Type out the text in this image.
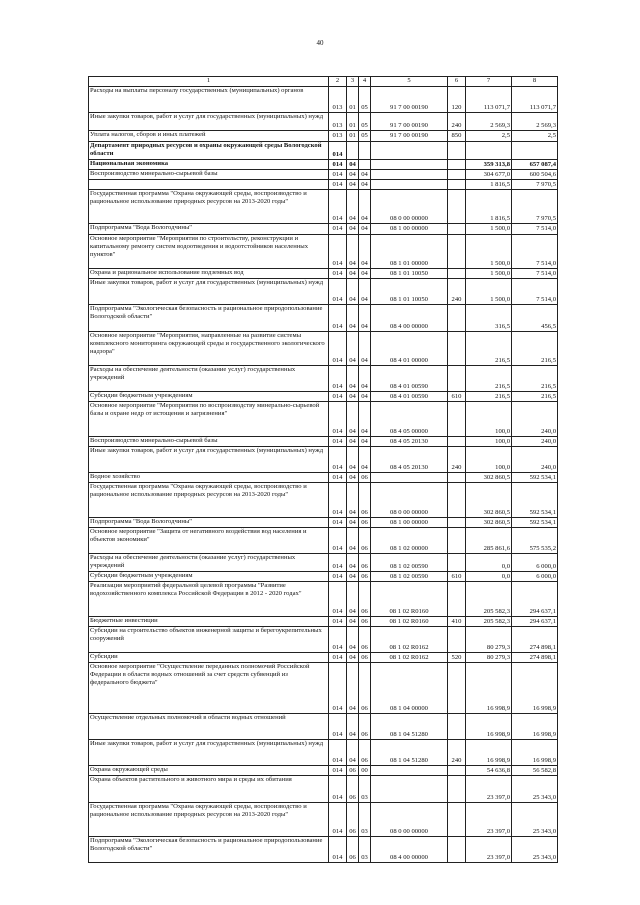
40
1	2	3	4	5	6	7	8
Расходы на выплаты персоналу государственных (муниципальных) органов	013	01	05	91 7 00 00190	120	113 071,7	113 071,7
Иные закупки товаров, работ и услуг для государственных (муниципальных) нужд	013	01	05	91 7 00 00190	240	2 569,3	2 569,3
Уплата налогов, сборов и иных платежей	013	01	05	91 7 00 00190	850	2,5	2,5
Департамент природных ресурсов и охраны окружающей среды Вологодской области	014						
Национальная экономика	014	04				359 313,8	657 087,4
Воспроизводство минерально-сырьевой базы	014	04	04			304 677,0	600 504,6
	014	04	04			1 816,5	7 970,5
Государственная программа "Охрана окружающей среды, воспроизводство и рациональное использование природных ресурсов на 2013-2020 годы"	014	04	04	08 0 00 00000		1 816,5	7 970,5
Подпрограмма "Вода Вологодчины"	014	04	04	08 1 00 00000		1 500,0	7 514,0
Основное мероприятие "Мероприятия по строительству, реконструкции и капитальному ремонту систем водоотведения и водоотстойников населенных пунктов"	014	04	04	08 1 01 00000		1 500,0	7 514,0
Охрана и рациональное использование подземных вод	014	04	04	08 1 01 10050		1 500,0	7 514,0
Иные закупки товаров, работ и услуг для государственных (муниципальных) нужд	014	04	04	08 1 01 10050	240	1 500,0	7 514,0
Подпрограмма "Экологическая безопасность и рациональное природопользование Вологодской области"	014	04	04	08 4 00 00000		316,5	456,5
Основное мероприятие "Мероприятия, направленные на развитие системы комплексного мониторинга окружающей среды и государственного экологического надзора"	014	04	04	08 4 01 00000		216,5	216,5
Расходы на обеспечение деятельности (оказание услуг) государственных учреждений	014	04	04	08 4 01 00590		216,5	216,5
Субсидии бюджетным учреждениям	014	04	04	08 4 01 00590	610	216,5	216,5
Основное мероприятие "Мероприятия по воспроизводству минерально-сырьевой базы и охране недр от истощения и загрязнения"	014	04	04	08 4 05 00000		100,0	240,0
Воспроизводство минерально-сырьевой базы	014	04	04	08 4 05 20130		100,0	240,0
Иные закупки товаров, работ и услуг для государственных (муниципальных) нужд	014	04	04	08 4 05 20130	240	100,0	240,0
Водное хозяйство	014	04	06			302 860,5	592 534,1
Государственная программа "Охрана окружающей среды, воспроизводство и рациональное использование природных ресурсов на 2013-2020 годы"	014	04	06	08 0 00 00000		302 860,5	592 534,1
Подпрограмма "Вода Вологодчины"	014	04	06	08 1 00 00000		302 860,5	592 534,1
Основное мероприятие "Защита от негативного воздействия вод населения и объектов экономики"	014	04	06	08 1 02 00000		285 861,6	575 535,2
Расходы на обеспечение деятельности (оказание услуг) государственных учреждений	014	04	06	08 1 02 00590		0,0	6 000,0
Субсидии бюджетным учреждениям	014	04	06	08 1 02 00590	610	0,0	6 000,0
Реализация мероприятий федеральной целевой программы "Развитие водохозяйственного комплекса Российской Федерации в 2012 - 2020 годах"	014	04	06	08 1 02 R0160		205 582,3	294 637,1
Бюджетные инвестиции	014	04	06	08 1 02 R0160	410	205 582,3	294 637,1
Субсидии на строительство объектов инженерной защиты и берегоукрепительных сооружений	014	04	06	08 1 02 R0162		80 279,3	274 898,1
Субсидии	014	04	06	08 1 02 R0162	520	80 279,3	274 898,1
Основное мероприятие "Осуществление переданных полномочий Российской Федерации в области водных отношений за счет средств субвенций из федерального бюджета"	014	04	06	08 1 04 00000		16 998,9	16 998,9
Осуществление отдельных полномочий в области водных отношений	014	04	06	08 1 04 51280		16 998,9	16 998,9
Иные закупки товаров, работ и услуг для государственных (муниципальных) нужд	014	04	06	08 1 04 51280	240	16 998,9	16 998,9
Охрана окружающей среды	014	06	00			54 636,8	56 582,8
Охрана объектов растительного и животного мира и среды их обитания	014	06	03			23 397,0	25 343,0
Государственная программа "Охрана окружающей среды, воспроизводство и рациональное использование природных ресурсов на 2013-2020 годы"	014	06	03	08 0 00 00000		23 397,0	25 343,0
Подпрограмма "Экологическая безопасность и рациональное природопользование Вологодской области"	014	06	03	08 4 00 00000		23 397,0	25 343,0
